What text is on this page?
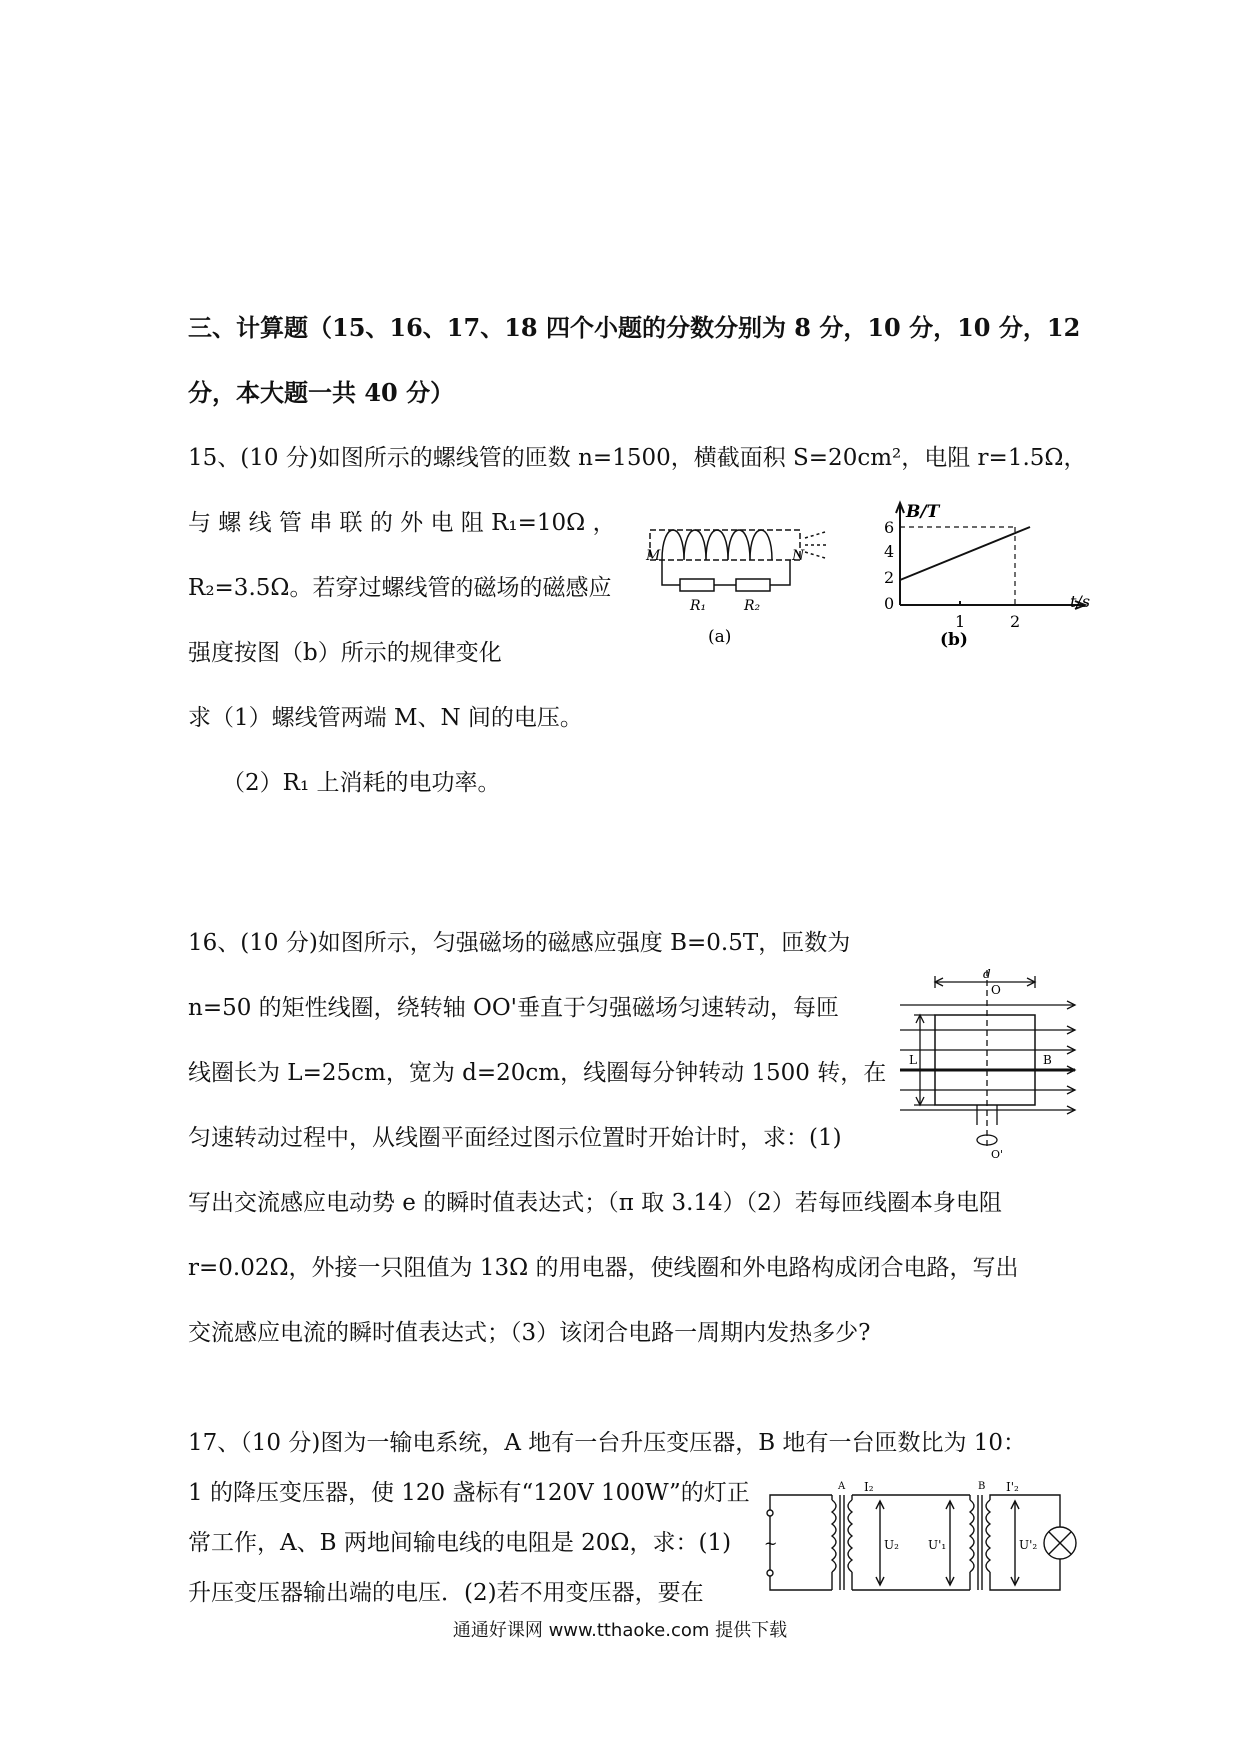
三、计算题（15、16、17、18 四个小题的分数分别为 8 分，10 分，10 分，12
分，本大题一共 40 分）
15、(10 分)如图所示的螺线管的匝数 n=1500，横截面积 S=20cm²，电阻 r=1.5Ω，
与 螺 线 管 串 联 的 外 电 阻 R₁=10Ω ，
R₂=3.5Ω。若穿过螺线管的磁场的磁感应
强度按图（b）所示的规律变化
求（1）螺线管两端 M、N 间的电压。
（2）R₁ 上消耗的电功率。
M	N
R₁	R₂
(a)
B/T
t/s
6
4
2
0
1	2
(b)
16、(10 分)如图所示，匀强磁场的磁感应强度 B=0.5T，匝数为
n=50 的矩性线圈，绕转轴 OO'垂直于匀强磁场匀速转动，每匝
线圈长为 L=25cm，宽为 d=20cm，线圈每分钟转动 1500 转，在
匀速转动过程中，从线圈平面经过图示位置时开始计时，求：(1)
写出交流感应电动势 e 的瞬时值表达式；（π 取 3.14）（2）若每匝线圈本身电阻
r=0.02Ω，外接一只阻值为 13Ω 的用电器，使线圈和外电路构成闭合电路，写出
交流感应电流的瞬时值表达式；（3）该闭合电路一周期内发热多少?
d
O
L	B
O'
17、（10 分)图为一输电系统，A 地有一台升压变压器，B 地有一台匝数比为 10：
1 的降压变压器，使 120 盏标有“120V 100W”的灯正
常工作，A、B 两地间输电线的电阻是 20Ω，求：(1)
升压变压器输出端的电压．(2)若不用变压器，要在
~
A I₂
U₂ U'₁
B I'₂
U'₂
通通好课网 www.tthaoke.com 提供下载
